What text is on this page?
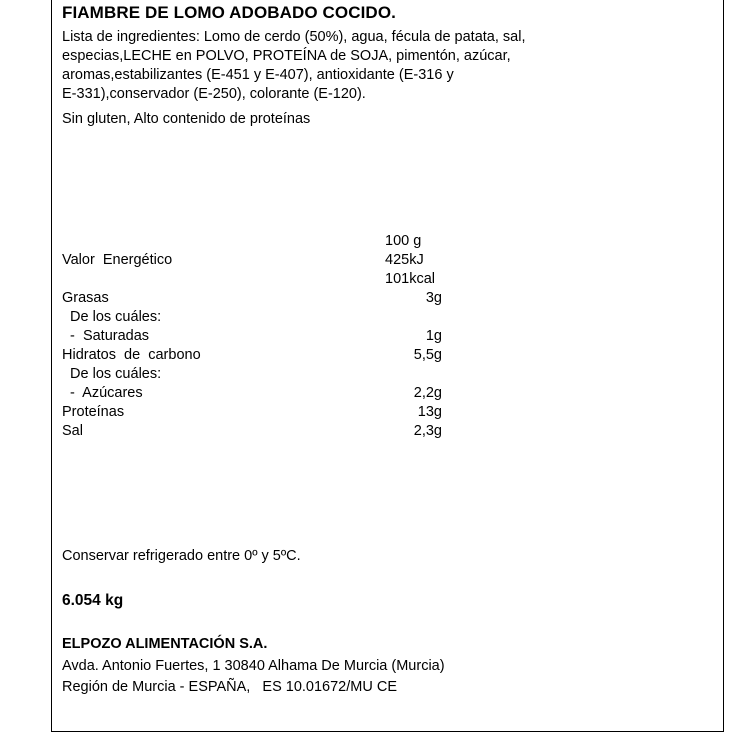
FIAMBRE DE LOMO ADOBADO COCIDO.
Lista de ingredientes: Lomo de cerdo (50%), agua, fécula de patata, sal,
especias,LECHE en POLVO, PROTEÍNA de SOJA, pimentón, azúcar,
aromas,estabilizantes (E-451 y E-407), antioxidante (E-316 y
E-331),conservador (E-250), colorante (E-120).
Sin gluten, Alto contenido de proteínas
100 g
Valor  Energético	425kJ
101kcal
Grasas	3g
De los cuáles:
-  Saturadas	1g
Hidratos  de  carbono	5,5g
De los cuáles:
-  Azúcares	2,2g
Proteínas	13g
Sal	2,3g
Conservar refrigerado entre 0º y 5ºC.
6.054 kg
ELPOZO ALIMENTACIÓN S.A.
Avda. Antonio Fuertes, 1 30840 Alhama De Murcia (Murcia)
Región de Murcia - ESPAÑA,   ES 10.01672/MU CE
